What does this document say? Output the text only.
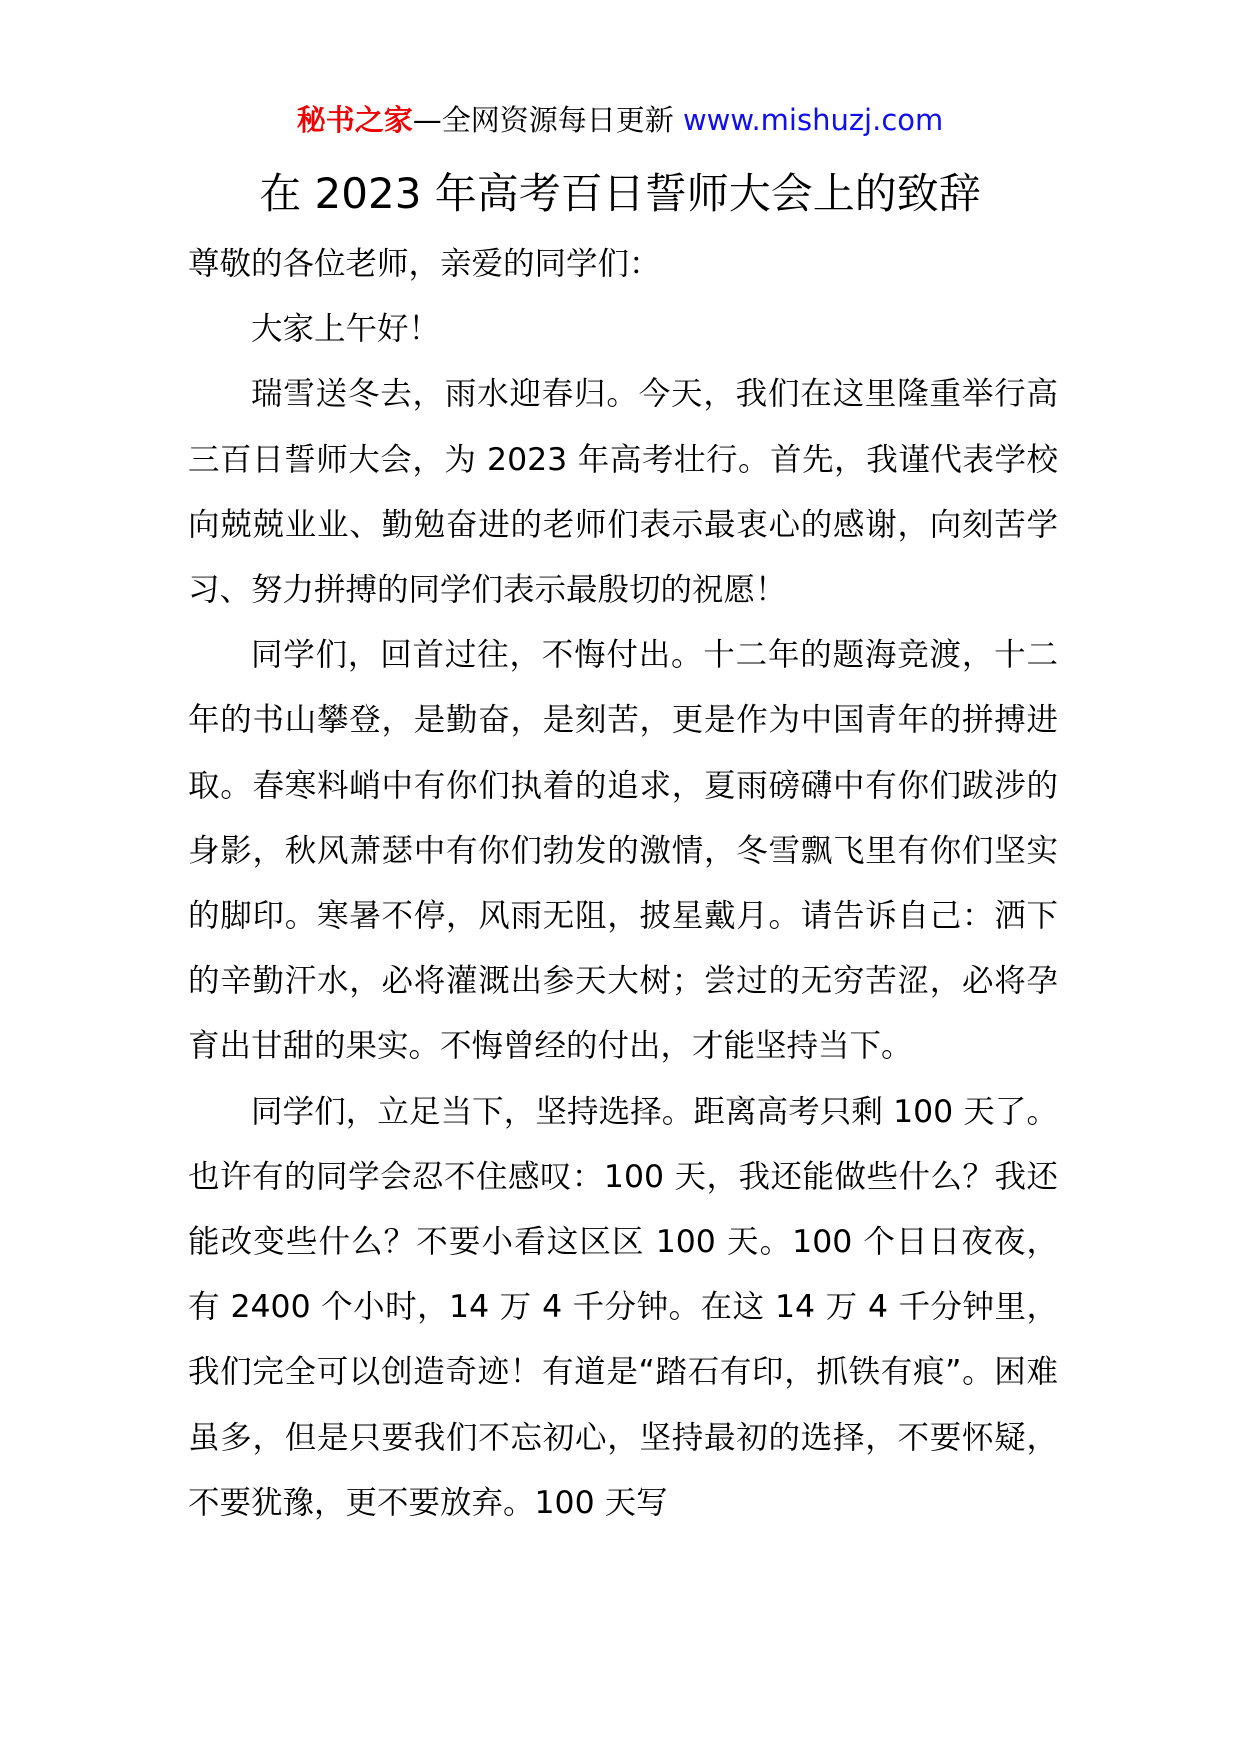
秘书之家—全网资源每日更新 www.mishuzj.com
在 2023 年高考百日誓师大会上的致辞

尊敬的各位老师，亲爱的同学们：

大家上午好！

瑞雪送冬去，雨水迎春归。今天，我们在这里隆重举行高三百日誓师大会，为 2023 年高考壮行。首先，我谨代表学校向兢兢业业、勤勉奋进的老师们表示最衷心的感谢，向刻苦学习、努力拼搏的同学们表示最殷切的祝愿！

同学们，回首过往，不悔付出。十二年的题海竞渡，十二年的书山攀登，是勤奋，是刻苦，更是作为中国青年的拼搏进取。春寒料峭中有你们执着的追求，夏雨磅礴中有你们跋涉的身影，秋风萧瑟中有你们勃发的激情，冬雪飘飞里有你们坚实的脚印。寒暑不停，风雨无阻，披星戴月。请告诉自己：洒下的辛勤汗水，必将灌溉出参天大树；尝过的无穷苦涩，必将孕育出甘甜的果实。不悔曾经的付出，才能坚持当下。

同学们，立足当下，坚持选择。距离高考只剩 100 天了。也许有的同学会忍不住感叹：100 天，我还能做些什么？我还能改变些什么？不要小看这区区 100 天。100 个日日夜夜，有 2400 个小时，14 万 4 千分钟。在这 14 万 4 千分钟里，我们完全可以创造奇迹！有道是“踏石有印，抓铁有痕”。困难虽多，但是只要我们不忘初心，坚持最初的选择，不要怀疑，不要犹豫，更不要放弃。100 天写
